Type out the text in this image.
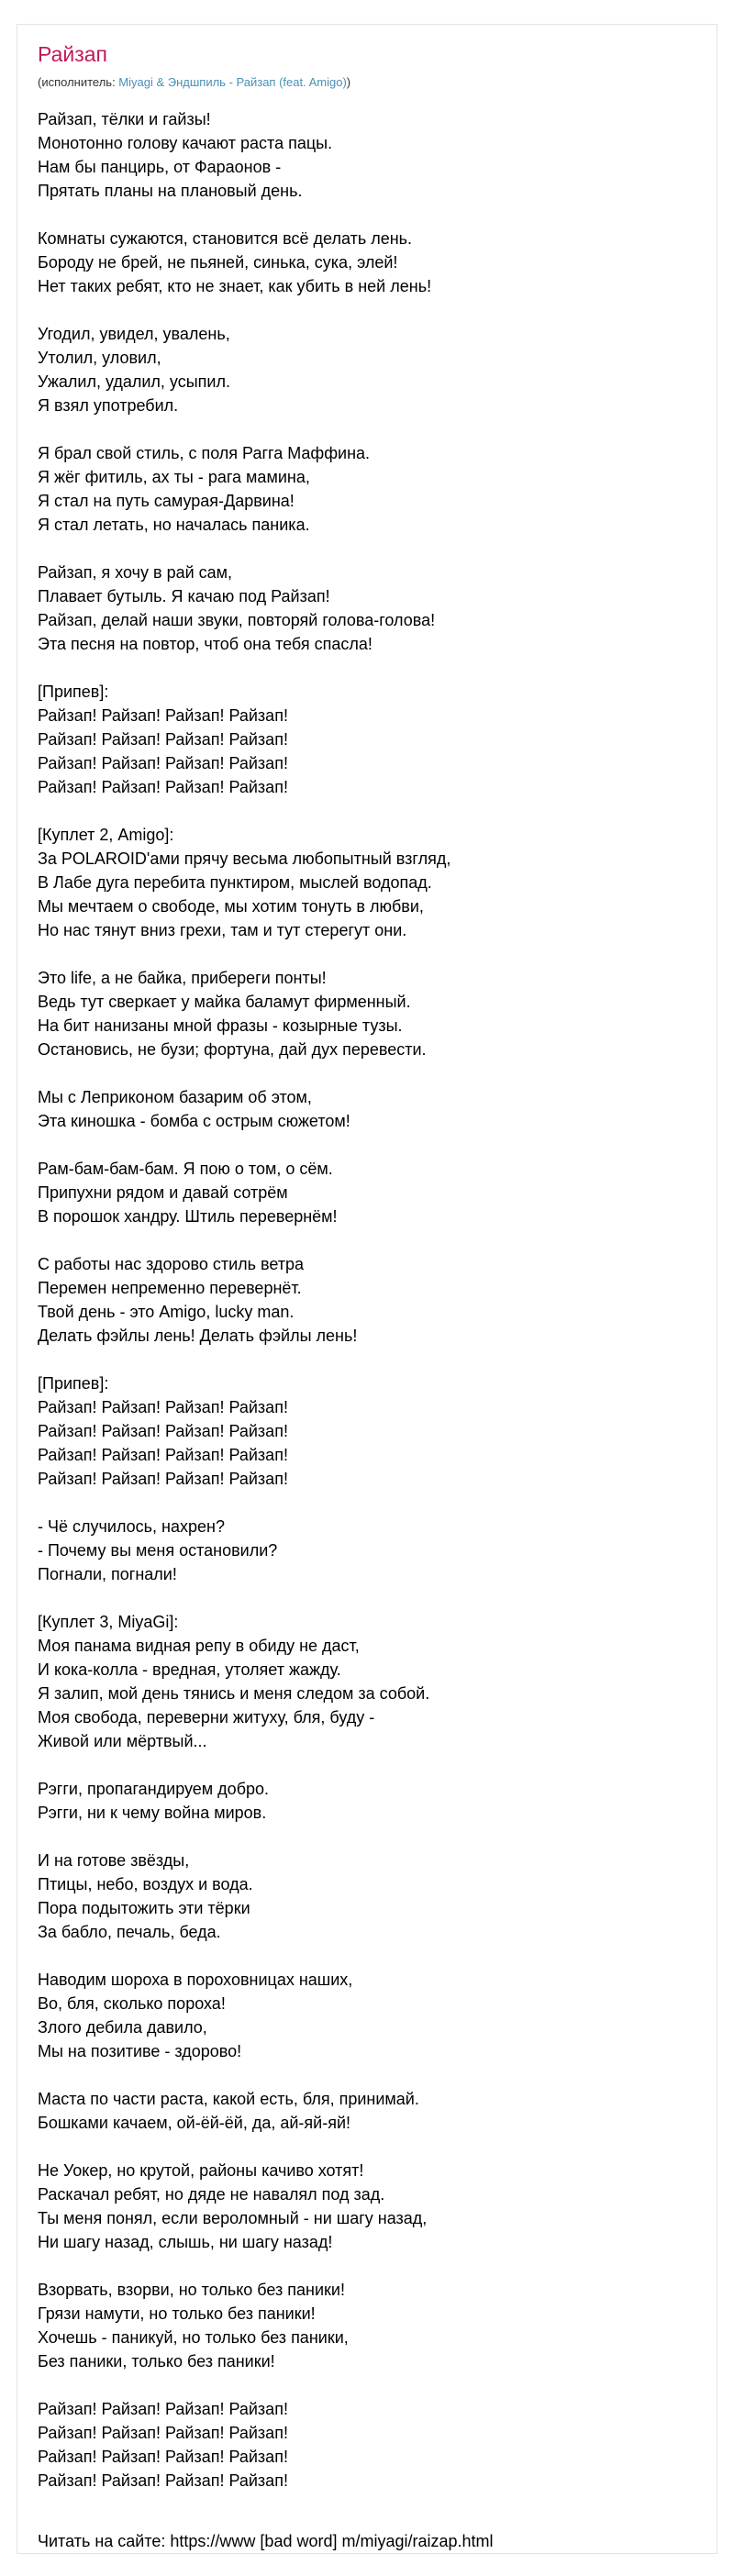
Райзап
(исполнитель: Miyagi & Эндшпиль - Райзап (feat. Amigo))
Райзап, тёлки и гайзы!
Монотонно голову качают раста пацы.
Нам бы панцирь, от Фараонов -
Прятать планы на плановый день.
Комнаты сужаются, становится всё делать лень.
Бороду не брей, не пьяней, синька, сука, элей!
Нет таких ребят, кто не знает, как убить в ней лень!
Угодил, увидел, увалень,
Утолил, уловил,
Ужалил, удалил, усыпил.
Я взял употребил.
Я брал свой стиль, с поля Рагга Маффина.
Я жёг фитиль, ах ты - рага мамина,
Я стал на путь самурая-Дарвина!
Я стал летать, но началась паника.
Райзап, я хочу в рай сам,
Плавает бутыль. Я качаю под Райзап!
Райзап, делай наши звуки, повторяй голова-голова!
Эта песня на повтор, чтоб она тебя спасла!
[Припев]:
Райзап! Райзап! Райзап! Райзап!
Райзап! Райзап! Райзап! Райзап!
Райзап! Райзап! Райзап! Райзап!
Райзап! Райзап! Райзап! Райзап!
[Куплет 2, Amigo]:
За POLAROID'ами прячу весьма любопытный взгляд,
В Лабе дуга перебита пунктиром, мыслей водопад.
Мы мечтаем о свободе, мы хотим тонуть в любви,
Но нас тянут вниз грехи, там и тут стерегут они.
Это life, а не байка, прибереги понты!
Ведь тут сверкает у майка баламут фирменный.
На бит нанизаны мной фразы - козырные тузы.
Остановись, не бузи; фортуна, дай дух перевести.
Мы с Леприконом базарим об этом,
Эта киношка - бомба с острым сюжетом!
Рам-бам-бам-бам. Я пою о том, о сём.
Припухни рядом и давай сотрём
В порошок хандру. Штиль перевернём!
С работы нас здорово стиль ветра
Перемен непременно перевернёт.
Твой день - это Amigo, lucky man.
Делать фэйлы лень! Делать фэйлы лень!
[Припев]:
Райзап! Райзап! Райзап! Райзап!
Райзап! Райзап! Райзап! Райзап!
Райзап! Райзап! Райзап! Райзап!
Райзап! Райзап! Райзап! Райзап!
- Чё случилось, нахрен?
- Почему вы меня остановили?
Погнали, погнали!
[Куплет 3, MiyaGi]:
Моя панама видная репу в обиду не даст,
И кока-колла - вредная, утоляет жажду.
Я залип, мой день тянись и меня следом за собой.
Моя свобода, переверни житуху, бля, буду -
Живой или мёртвый...
Рэгги, пропагандируем добро.
Рэгги, ни к чему война миров.
И на готове звёзды,
Птицы, небо, воздух и вода.
Пора подытожить эти тёрки
За бабло, печаль, беда.
Наводим шороха в пороховницах наших,
Во, бля, сколько пороха!
Злого дебила давило,
Мы на позитиве - здорово!
Маста по части раста, какой есть, бля, принимай.
Бошками качаем, ой-ёй-ёй, да, ай-яй-яй!
Не Уокер, но крутой, районы качиво хотят!
Раскачал ребят, но дяде не навалял под зад.
Ты меня понял, если вероломный - ни шагу назад,
Ни шагу назад, слышь, ни шагу назад!
Взорвать, взорви, но только без паники!
Грязи намути, но только без паники!
Хочешь - паникуй, но только без паники,
Без паники, только без паники!
Райзап! Райзап! Райзап! Райзап!
Райзап! Райзап! Райзап! Райзап!
Райзап! Райзап! Райзап! Райзап!
Райзап! Райзап! Райзап! Райзап!
Читать на сайте: https://www [bad word] m/miyagi/raizap.html
